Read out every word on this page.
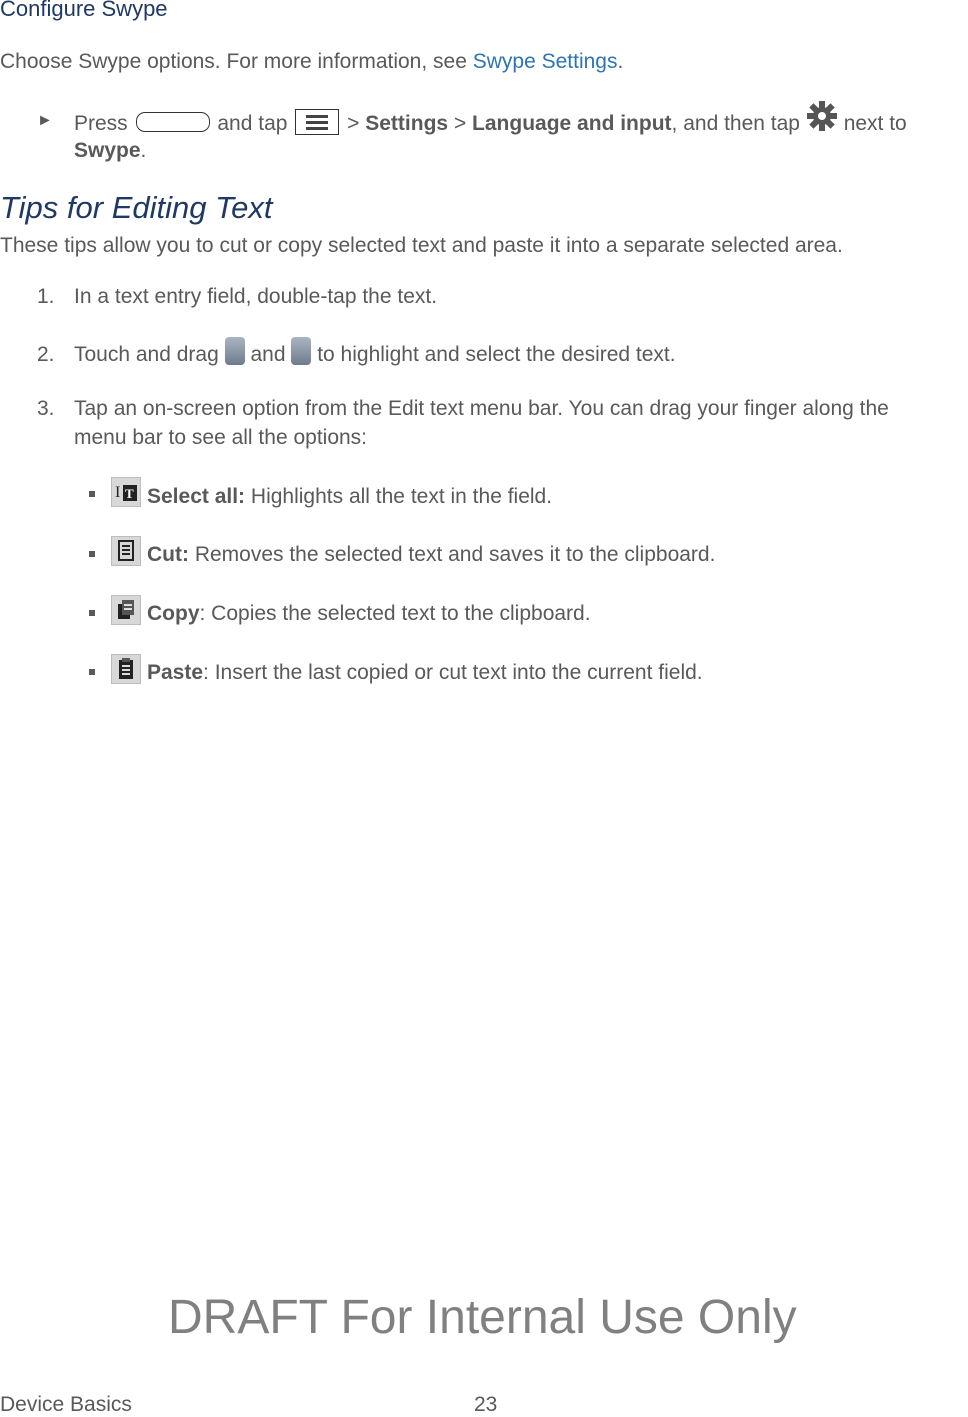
Configure Swype
Choose Swype options. For more information, see Swype Settings.
► Press	and tap	> Settings > Language and input, and then tap next to
Swype.
Tips for Editing Text
These tips allow you to cut or copy selected text and paste it into a separate selected area.
1. In a text entry field, double-tap the text.
2. Touch and drag and to highlight and select the desired text.
3. Tap an on-screen option from the Edit text menu bar. You can drag your finger along the
menu bar to see all the options:
I T Select all: Highlights all the text in the field.
Cut: Removes the selected text and saves it to the clipboard.
Copy: Copies the selected text to the clipboard.
Paste: Insert the last copied or cut text into the current field.
DRAFT For Internal Use Only
Device Basics	23
